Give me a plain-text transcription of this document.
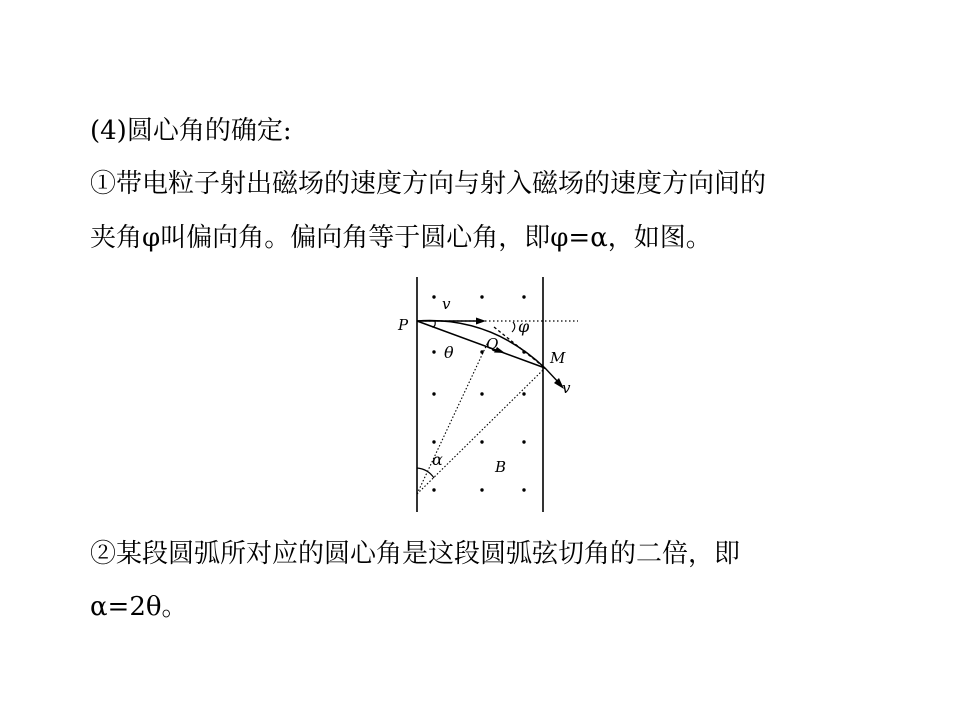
(4)圆心角的确定:
①带电粒子射出磁场的速度方向与射入磁场的速度方向间的
夹角φ叫偏向角。偏向角等于圆心角，即φ=α，如图。
P
v
φ
θ Q
M
v
α	B
②某段圆弧所对应的圆心角是这段圆弧弦切角的二倍，即
α=2θ。
